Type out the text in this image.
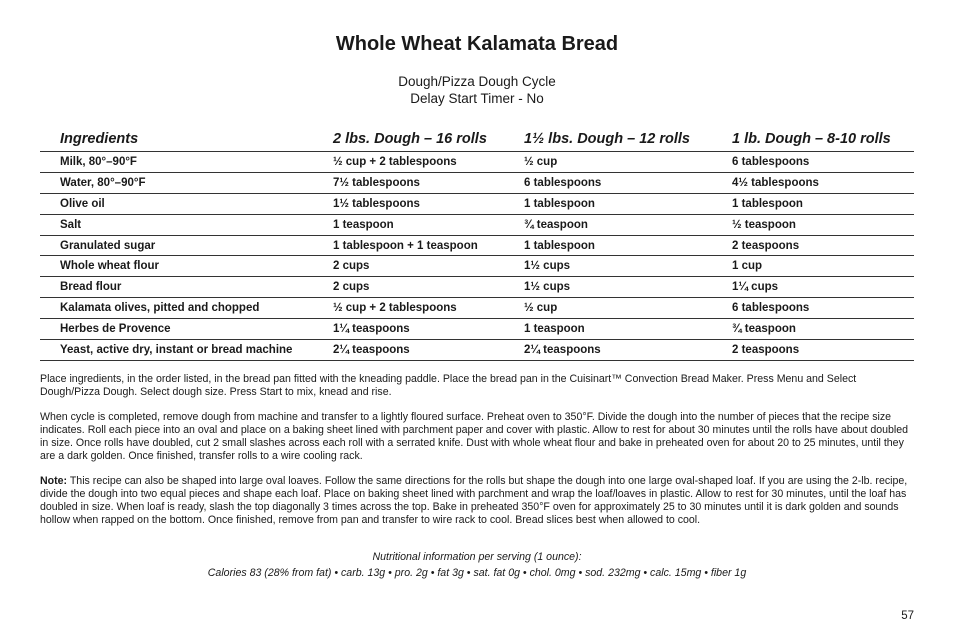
Whole Wheat Kalamata Bread
Dough/Pizza Dough Cycle
Delay Start Timer - No
Ingredients	2 lbs. Dough – 16 rolls	1½ lbs. Dough – 12 rolls	1 lb. Dough – 8-10 rolls
Milk, 80°–90°F	½ cup + 2 tablespoons	½ cup	6 tablespoons
Water, 80°–90°F	7½ tablespoons	6 tablespoons	4½ tablespoons
Olive oil	1½ tablespoons	1 tablespoon	1 tablespoon
Salt	1 teaspoon	¾ teaspoon	½ teaspoon
Granulated sugar	1 tablespoon + 1 teaspoon	1 tablespoon	2 teaspoons
Whole wheat flour	2 cups	1½ cups	1 cup
Bread flour	2 cups	1½ cups	1¼ cups
Kalamata olives, pitted and chopped	½ cup + 2 tablespoons	½ cup	6 tablespoons
Herbes de Provence	1¼ teaspoons	1 teaspoon	¾ teaspoon
Yeast, active dry, instant or bread machine	2¼ teaspoons	2¼ teaspoons	2 teaspoons

Place ingredients, in the order listed, in the bread pan fitted with the kneading paddle. Place the bread pan in the Cuisinart™ Convection Bread Maker. Press Menu and Select Dough/Pizza Dough. Select dough size. Press Start to mix, knead and rise.

When cycle is completed, remove dough from machine and transfer to a lightly floured surface. Preheat oven to 350°F. Divide the dough into the number of pieces that the recipe size indicates. Roll each piece into an oval and place on a baking sheet lined with parchment paper and cover with plastic. Allow to rest for about 30 minutes until the rolls have about doubled in size. Once rolls have doubled, cut 2 small slashes across each roll with a serrated knife. Dust with whole wheat flour and bake in preheated oven for about 20 to 25 minutes, until they are a dark golden. Once finished, transfer rolls to a wire cooling rack.

Note: This recipe can also be shaped into large oval loaves. Follow the same directions for the rolls but shape the dough into one large oval-shaped loaf. If you are using the 2-lb. recipe, divide the dough into two equal pieces and shape each loaf. Place on baking sheet lined with parchment and wrap the loaf/loaves in plastic. Allow to rest for 30 minutes, until the loaf has doubled in size. When loaf is ready, slash the top diagonally 3 times across the top. Bake in preheated 350°F oven for approximately 25 to 30 minutes until it is dark golden and sounds hollow when rapped on the bottom. Once finished, remove from pan and transfer to wire rack to cool. Bread slices best when allowed to cool.

Nutritional information per serving (1 ounce):
Calories 83 (28% from fat) • carb. 13g • pro. 2g • fat 3g • sat. fat 0g • chol. 0mg • sod. 232mg • calc. 15mg • fiber 1g
57
